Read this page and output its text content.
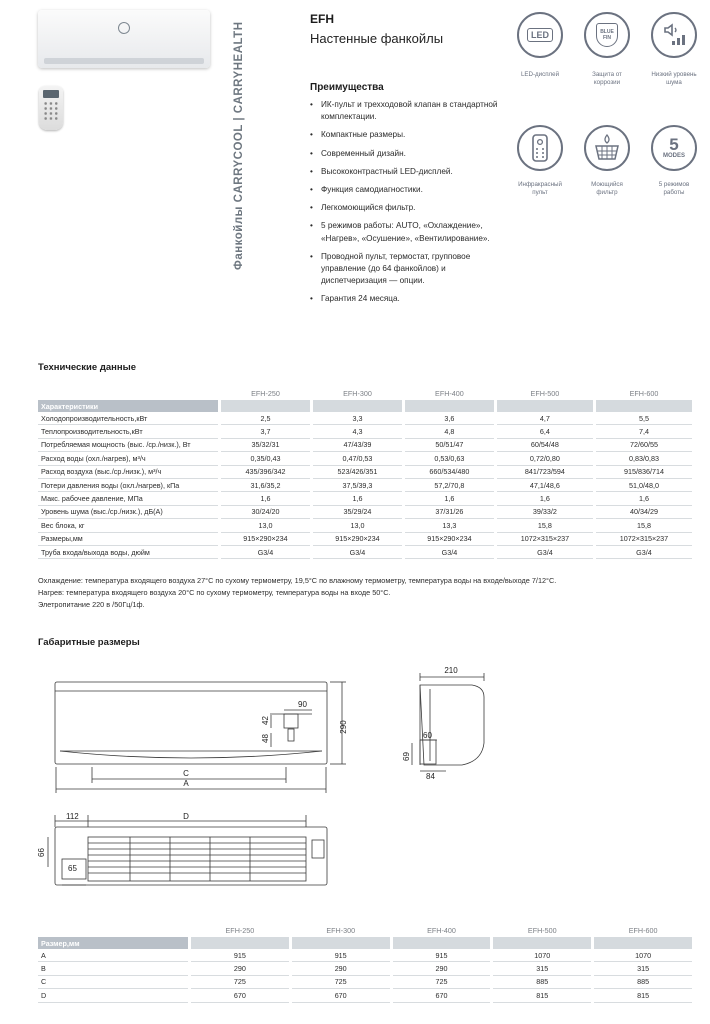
Фанкойлы CARRYCOOL | CARRYHEALTH
EFH
Настенные фанкойлы
Преимущества
• ИК-пульт и трехходовой клапан в стандартной комплектации.
• Компактные размеры.
• Современный дизайн.
• Высококонтрастный LED-дисплей.
• Функция самодиагностики.
• Легкомоющийся фильтр.
• 5 режимов работы: AUTO, «Охлаждение», «Нагрев», «Осушение», «Вентилирование».
• Проводной пульт, термостат, групповое управление (до 64 фанкойлов) и диспетчеризация — опции.
• Гарантия 24 месяца.
LED
LED-дисплей
BLUE FIN
Защита от коррозии
Низкий уровень шума
Инфракрасный пульт
Моющийся фильтр
5
MODES
5 режимов работы
Технические данные
	EFH-250	EFH-300	EFH-400	EFH-500	EFH-600
Характеристики					
Холодопроизводительность,кВт	2,5	3,3	3,6	4,7	5,5
Теплопроизводительность,кВт	3,7	4,3	4,8	6,4	7,4
Потребляемая мощность (выс. /ср./низк.), Вт	35/32/31	47/43/39	50/51/47	60/54/48	72/60/55
Расход воды (охл./нагрев), м³/ч	0,35/0,43	0,47/0,53	0,53/0,63	0,72/0,80	0,83/0,83
Расход воздуха (выс./ср./низк.), м³/ч	435/396/342	523/426/351	660/534/480	841/723/594	915/836/714
Потери давления воды (охл./нагрев), кПа	31,6/35,2	37,5/39,3	57,2/70,8	47,1/48,6	51,0/48,0
Макс. рабочее давление, МПа	1,6	1,6	1,6	1,6	1,6
Уровень шума (выс./ср./низк.), дБ(А)	30/24/20	35/29/24	37/31/26	39/33/2	40/34/29
Вес блока, кг	13,0	13,0	13,3	15,8	15,8
Размеры,мм	915×290×234	915×290×234	915×290×234	1072×315×237	1072×315×237
Труба входа/выхода воды, дюйм	G3/4	G3/4	G3/4	G3/4	G3/4
Охлаждение: температура входящего воздуха 27°C по сухому термометру, 19,5°C по влажному термометру, температура воды на входе/выходе 7/12°C.
Нагрев: температура входящего воздуха 20°C по сухому термометру, температура воды на входе 50°C.
Элетропитание 220 в /50Гц/1ф.
Габаритные размеры
290
90
42
48
C
A
210
60
69
84
112	D
66
65
	EFH-250	EFH-300	EFH-400	EFH-500	EFH-600
Размер,мм					
A	915	915	915	1070	1070
B	290	290	290	315	315
C	725	725	725	885	885
D	670	670	670	815	815
